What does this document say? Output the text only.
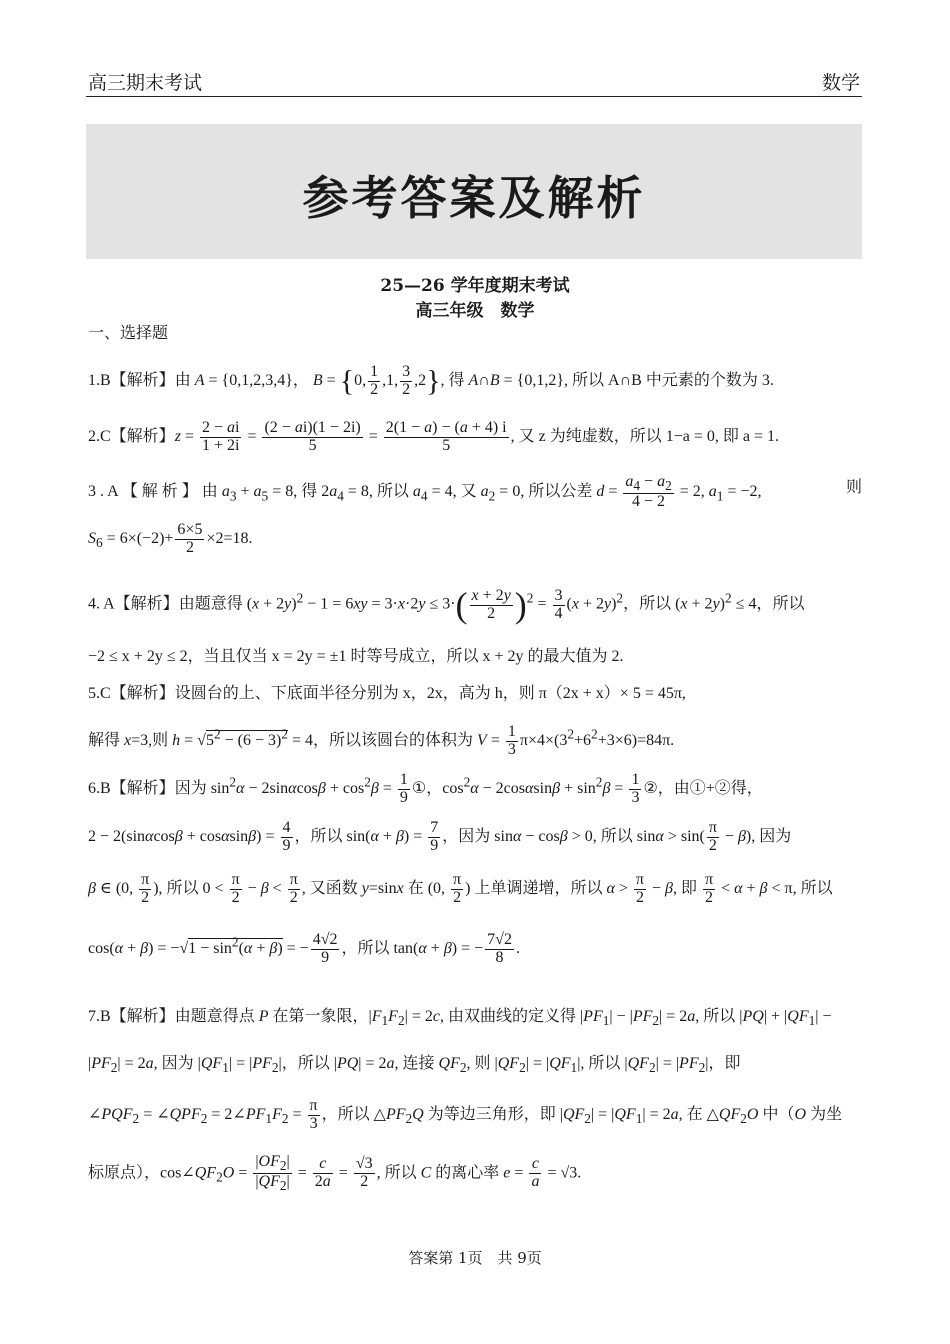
高三期末考试	数学
参考答案及解析
25—26 学年度期末考试
高三年级　数学
一、选择题
1.B【解析】由 A = {0,1,2,3,4}， B = {0, $\frac{1}{2} ,1$, $\frac{3}{2} ,2$}, 得 A∩B = {0,1,2}, 所以 A∩B 中元素的个数为 3.
2.C【解析】$z = \frac{2 - ai}{1 + 2i} = \frac{(2 - ai)(1 - 2i)}{5} = \frac{2(1 - a) - (a + 4) i}{5}$ , 又 z 为纯虚数，所以 1−a = 0, 即 a = 1.
3 . A 【 解 析 】 由 $a_3 + a_5 = 8$, 得 $2a_4 = 8$, 所以 $a_4 = 4$, 又 $a_2 = 0$, 所以公差 $d = \frac{a_4 - a_2}{4 - 2} = 2$, $a_1 = -2$,	则
$S_6 = 6\times(-2)+ \frac{6\times 5}{2} \times 2=18$.
4. A【解析】由题意得 $(x + 2y)^2 - 1 = 6xy = 3\cdot x\cdot 2y \le 3\cdot( \frac{x + 2y}{2} )^2 = \frac{3}{4} (x + 2y)^2$，所以 $(x + 2y)^2 \le 4$，所以
−2 ≤ x + 2y ≤ 2，当且仅当 x = 2y = ±1 时等号成立，所以 x + 2y 的最大值为 2.
5.C【解析】设圆台的上、下底面半径分别为 x，2x，高为 h，则 π（2x + x）× 5 = 45π,
解得 x=3,则 $h = √5^2 - (6 - 3)^2 = 4$，所以该圆台的体积为 $V = \frac{1}{3} \pi\times 4\times(3^2+6^2+3\times 6)=84\pi$.
6.B【解析】因为 $\sin^2\alpha - 2\sin\alpha\cos\beta + \cos^2\beta = \frac{1}{9}$ ①，$\cos^2\alpha - 2\cos\alpha\sin\beta + \sin^2\beta = \frac{1}{3}$ ②，由①+②得，
$2 - 2(\sin\alpha\cos\beta + \cos\alpha\sin\beta) = \frac{4}{9}$ ，所以 $\sin(\alpha + \beta) = \frac{7}{9}$ ，因为 sinα − cosβ > 0, 所以 $\sin\alpha > \sin( \frac{\pi}{2} - \beta)$, 因为
β ∈ (0, $\frac{\pi}{2}$ ), 所以 $0 < \frac{\pi}{2} - \beta < \frac{\pi}{2}$ , 又函数 y=sinx 在 (0, $\frac{\pi}{2}$ ) 上单调递增，所以 $\alpha > \frac{\pi}{2} - \beta$, 即 $\frac{\pi}{2} < \alpha + \beta < \pi$, 所以
$\cos(\alpha + \beta) = -√1 - \sin^2(\alpha + \beta)$ = − $\frac{4√2}{9}$ ，所以 tan(α + β) = − $\frac{7√2}{8}$ .
7.B【解析】由题意得点 P 在第一象限，$|F_1F_2| = 2c$, 由双曲线的定义得 $|PF_1| - |PF_2| = 2a$, 所以 $|PQ| + |QF_1|$ −
$|PF_2| = 2a$, 因为 $|QF_1| = |PF_2|$，所以 |PQ| = 2a, 连接 $QF_2$, 则 $|QF_2| = |QF_1|$, 所以 $|QF_2| = |PF_2|$，即
$\angle PQF_2$ = $\angle QPF_2$ = $2\angle PF_1F_2 = \frac{\pi}{3}$ ，所以 $\triangle PF_2Q$ 为等边三角形，即 $|QF_2| = |QF_1| = 2a$, 在 $\triangle QF_2O$ 中（O 为坐
标原点），$\cos\angle QF_2O = \frac{|OF_2|}{|QF_2|} = \frac{c}{2a} = \frac{√3}{2}$ , 所以 C 的离心率 $e = \frac{c}{a} = √3$.
答案第 1页　共 9页
